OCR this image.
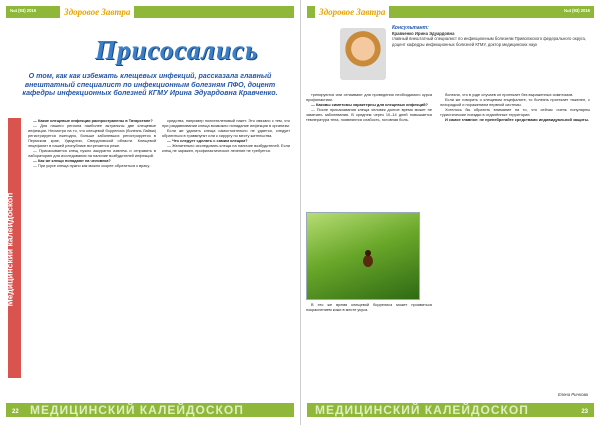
№4 (93) 2016	Здоровое Завтра
Присосались
О том, как как избежать клещевых инфекций, рассказала главный внештатный специалист по инфекционным болезням ПФО, доцент кафедры инфекционных болезней КГМУ Ирина Эдуардовна Кравченко.
Медицинский калейдоскоп

— Какие клещевые инфекции распространены в Татарстане?

— Для нашего региона наиболее актуальны две клещевые инфекции. Несмотря на то, что клещевой боррелиоз (болезнь Лайма) регистрируется ежегодно, больше заболевших регистрируется в Пермском крае, Удмуртии, Свердловской области. Клещевой энцефалит в нашей республике встречается реже.

— Присасывается клещ нужно аккуратно извлечь и отправить в лабораторию для исследования на наличие возбудителей инфекций.

— Как же клещи попадают на человека?

— При укусе клеща нужно как можно скорее обратиться к врачу.

средства, например полиэтиленовый пакет. Это связано с тем, что при раздавливании клеща возможно попадание инфекции в организм.

Если же удалить клеща самостоятельно не удается, следует обратиться в травмпункт или к хирургу по месту жительства.

— Что следует сделать с самим клещом?

— Желательно исследовать клеща на наличие возбудителей. Если клещ не заражен, профилактическое лечение не требуется.

22 МЕДИЦИНСКИЙ КАЛЕЙДОСКОП
Здоровое Завтра	№4 (93) 2016
Елена Рычкова
МЕДИЦИНСКИЙ КАЛЕЙДОСКОП	23
Консультант:
Кравченко Ирина Эдуардовна
главный внештатный специалист по инфекционным болезням Приволжского федерального округа, доцент кафедры инфекционных болезней КГМУ, доктор медицинских наук

тренируются или отпаивают для проведения необходимого курса профилактики.

— Каковы симптомы характерны для клещевых инфекций?

— После присасывания клеща человек долгое время может не замечать заболевания. В среднем через 10–14 дней повышается температура тела, появляются слабость, головная боль.

В это же время клещевой боррелиоз может проявиться покраснением кожи в месте укуса.

болезни, что в узде случаев он протекает без выраженных симптомов.

Если же говорить о клещевом энцефалите, то болезнь протекает тяжелее, с лихорадкой и поражением нервной системы.

Хотелось бы обратить внимание на то, что сейчас очень популярны туристические поездки в отдалённые территории.

И самое главное: не пренебрегайте средствами индивидуальной защиты.
